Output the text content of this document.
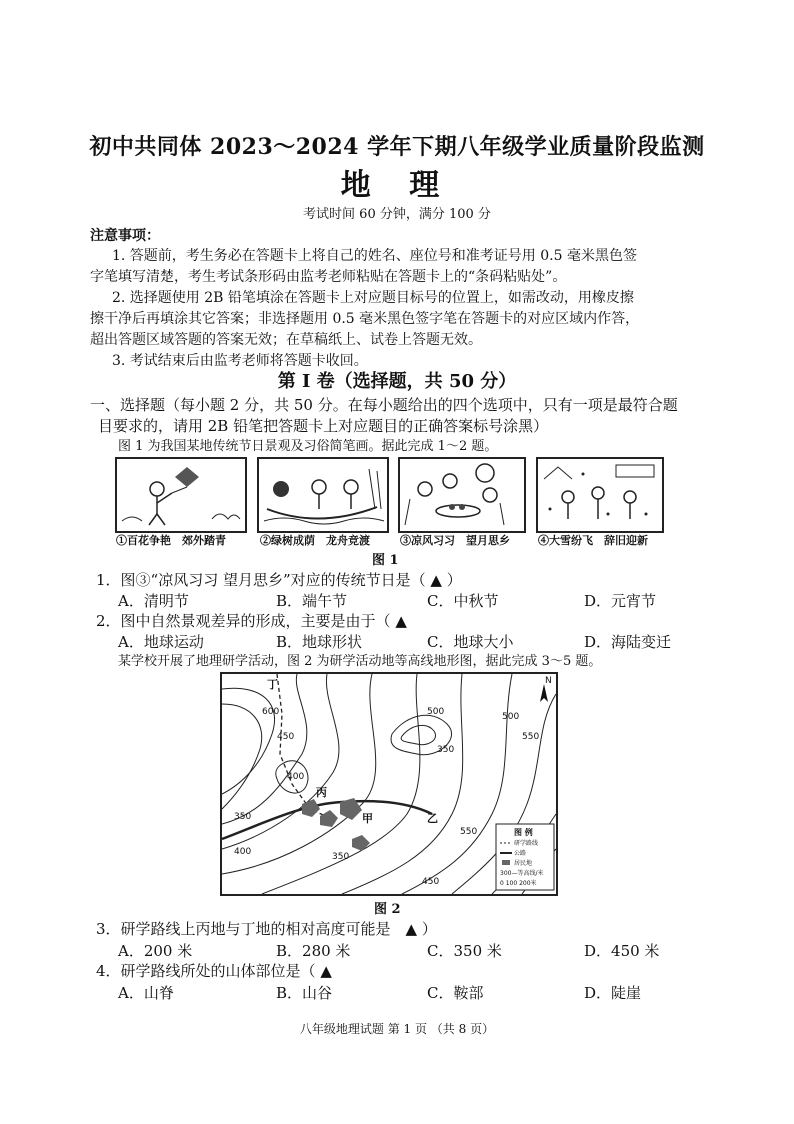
初中共同体 2023～2024 学年下期八年级学业质量阶段监测
地 理
考试时间 60 分钟，满分 100 分
注意事项：
1. 答题前，考生务必在答题卡上将自己的姓名、座位号和准考证号用 0.5 毫米黑色签
字笔填写清楚，考生考试条形码由监考老师粘贴在答题卡上的“条码粘贴处”。
2. 选择题使用 2B 铅笔填涂在答题卡上对应题目标号的位置上，如需改动，用橡皮擦
擦干净后再填涂其它答案；非选择题用 0.5 毫米黑色签字笔在答题卡的对应区域内作答，
超出答题区域答题的答案无效；在草稿纸上、试卷上答题无效。
3. 考试结束后由监考老师将答题卡收回。
第 Ⅰ 卷（选择题，共 50 分）
一、选择题（每小题 2 分，共 50 分。在每小题给出的四个选项中，只有一项是最符合题
目要求的，请用 2B 铅笔把答题卡上对应题目的正确答案标号涂黑）
图 1 为我国某地传统节日景观及习俗简笔画。据此完成 1～2 题。
①百花争艳　郊外踏青	②绿树成荫　龙舟竞渡	③凉风习习　望月思乡	④大雪纷飞　辞旧迎新
图 1
1．图③“凉风习习 望月思乡”对应的传统节日是（ ▲ ）
A．清明节	B．端午节	C．中秋节	D．元宵节
2．图中自然景观差异的形成，主要是由于（ ▲
A．地球运动	B．地球形状	C．地球大小	D．海陆变迁
某学校开展了地理研学活动，图 2 为研学活动地等高线地形图，据此完成 3～5 题。
600	500	500
550
350
450
400
350
400	350
450
550
丁
丙
甲	乙
N
图 例
研学路线
公路
居民地
300—等高线/米
0 100 200米
图 2
3．研学路线上丙地与丁地的相对高度可能是　▲ ）
A．200 米	B．280 米	C．350 米	D．450 米
4．研学路线所处的山体部位是（ ▲
A．山脊	B．山谷	C．鞍部	D．陡崖
八年级地理试题 第 1 页 （共 8 页）
